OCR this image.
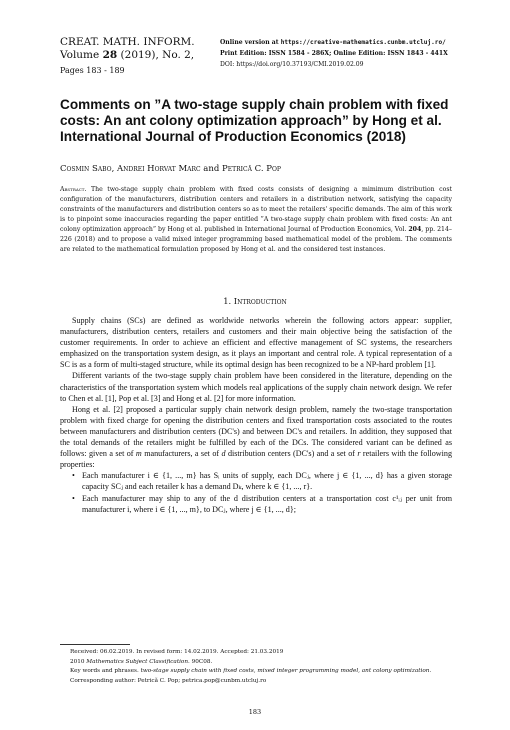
CREAT. MATH. INFORM.
Volume 28 (2019), No. 2,
Pages 183 - 189
Online version at https://creative-mathematics.cunbm.utcluj.ro/
Print Edition: ISSN 1584 - 286X; Online Edition: ISSN 1843 - 441X
DOI: https://doi.org/10.37193/CMI.2019.02.09
Comments on ”A two-stage supply chain problem with fixed costs: An ant colony optimization approach” by Hong et al. International Journal of Production Economics (2018)
Cosmin Sabo, Andrei Horvat Marc and Petrică C. Pop
Abstract. The two-stage supply chain problem with fixed costs consists of designing a mimimum distribution cost configuration of the manufacturers, distribution centers and retailers in a distribution network, satisfying the capacity constraints of the manufacturers and distribution centers so as to meet the retailers' specific demands. The aim of this work is to pinpoint some inaccuracies regarding the paper entitled ”A two-stage supply chain problem with fixed costs: An ant colony optimization approach” by Hong et al. published in International Journal of Production Economics, Vol. 204, pp. 214–226 (2018) and to propose a valid mixed integer programming based mathematical model of the problem. The comments are related to the mathematical formulation proposed by Hong et al. and the considered test instances.
1. Introduction

Supply chains (SCs) are defined as worldwide networks wherein the following actors appear: supplier, manufacturers, distribution centers, retailers and customers and their main objective being the satisfaction of the customer requirements. In order to achieve an efficient and effective management of SC systems, the researchers emphasized on the transportation system design, as it plays an important and central role. A typical representation of a SC is as a form of multi-staged structure, while its optimal design has been recognized to be a NP-hard problem [1].

Different variants of the two-stage supply chain problem have been considered in the literature, depending on the characteristics of the transportation system which models real applications of the supply chain network design. We refer to Chen et al. [1], Pop et al. [3] and Hong et al. [2] for more information.

Hong et al. [2] proposed a particular supply chain network design problem, namely the two-stage transportation problem with fixed charge for opening the distribution centers and fixed transportation costs associated to the routes between manufacturers and distribution centers (DC's) and between DC's and retailers. In addition, they supposed that the total demands of the retailers might be fulfilled by each of the DCs. The considered variant can be defined as follows: given a set of m manufacturers, a set of d distribution centers (DC's) and a set of r retailers with the following properties:

• Each manufacturer i ∈ {1, ..., m} has Sᵢ units of supply, each DCⱼ, where j ∈ {1, ..., d} has a given storage capacity SCⱼ and each retailer k has a demand Dₖ, where k ∈ {1, ..., r}.
• Each manufacturer may ship to any of the d distribution centers at a transportation cost c¹ᵢⱼ per unit from manufacturer i, where i ∈ {1, ..., m}, to DCⱼ, where j ∈ {1, ..., d};
Received: 06.02.2019. In revised form: 14.02.2019. Accepted: 21.03.2019
2010 Mathematics Subject Classification. 90C08.
Key words and phrases. two-stage supply chain with fixed costs, mixed integer programming model, ant colony optimization.
Corresponding author: Petrică C. Pop; petrica.pop@cunbm.utcluj.ro
183
